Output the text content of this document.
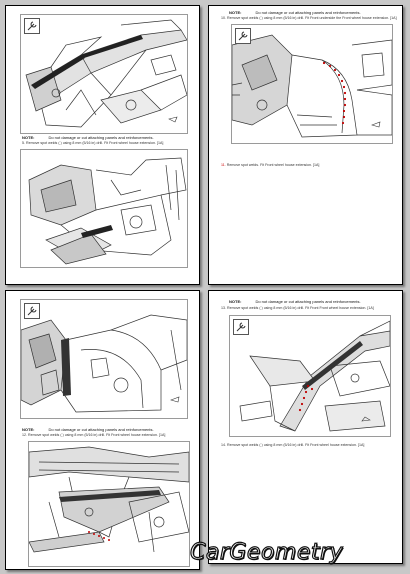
NOTE:	Do not damage or cut attaching panels and reinforcements.
5. Remove spot welds ( ) using 8 mm (5/16 in) drill. Fit Front wheel house extension. [1A]
NOTE:	Do not damage or cut attaching panels and reinforcements.
10. Remove spot welds ( ) using 8 mm (5/16 in) drill. Fit Front underside the Front wheel house extension. [1A]
11. Remove spot welds. Fit Front wheel house extension. [1A]
NOTE:	Do not damage or cut attaching panels and reinforcements.
12. Remove spot welds ( ) using 8 mm (5/16 in) drill. Fit Front wheel house extension. [1A]
NOTE:	Do not damage or cut attaching panels and reinforcements.
13. Remove spot welds ( ) using 8 mm (5/16 in) drill. Fit Front Front wheel house extension. [1A]
14. Remove spot welds ( ) using 8 mm (5/16 in) drill. Fit Front wheel house extension. [1A]
CarGeometry
